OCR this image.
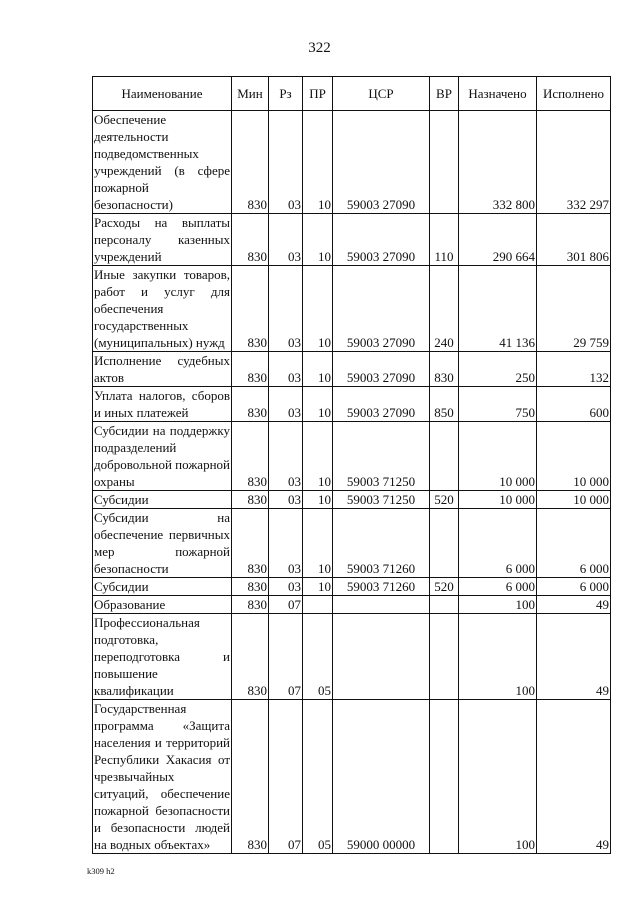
322
Наименование	Мин	Рз	ПР	ЦСР	ВР	Назначено	Исполнено
Обеспечение деятельности подведомственных учреждений (в сфере пожарной безопасности)	830	03	10	59003 27090		332 800	332 297
Расходы на выплаты персоналу казенных учреждений	830	03	10	59003 27090	110	290 664	301 806
Иные закупки товаров, работ и услуг для обеспечения государственных (муниципальных) нужд	830	03	10	59003 27090	240	41 136	29 759
Исполнение судебных актов	830	03	10	59003 27090	830	250	132
Уплата налогов, сборов и иных платежей	830	03	10	59003 27090	850	750	600
Субсидии на поддержку подразделений добровольной пожарной охраны	830	03	10	59003 71250		10 000	10 000
Субсидии	830	03	10	59003 71250	520	10 000	10 000
Субсидии на обеспечение первичных мер пожарной безопасности	830	03	10	59003 71260		6 000	6 000
Субсидии	830	03	10	59003 71260	520	6 000	6 000
Образование	830	07				100	49
Профессиональная подготовка, переподготовка и повышение квалификации	830	07	05			100	49
Государственная программа «Защита населения и территорий Республики Хакасия от чрезвычайных ситуаций, обеспечение пожарной безопасности и безопасности людей на водных объектах»	830	07	05	59000 00000		100	49
k309 h2
